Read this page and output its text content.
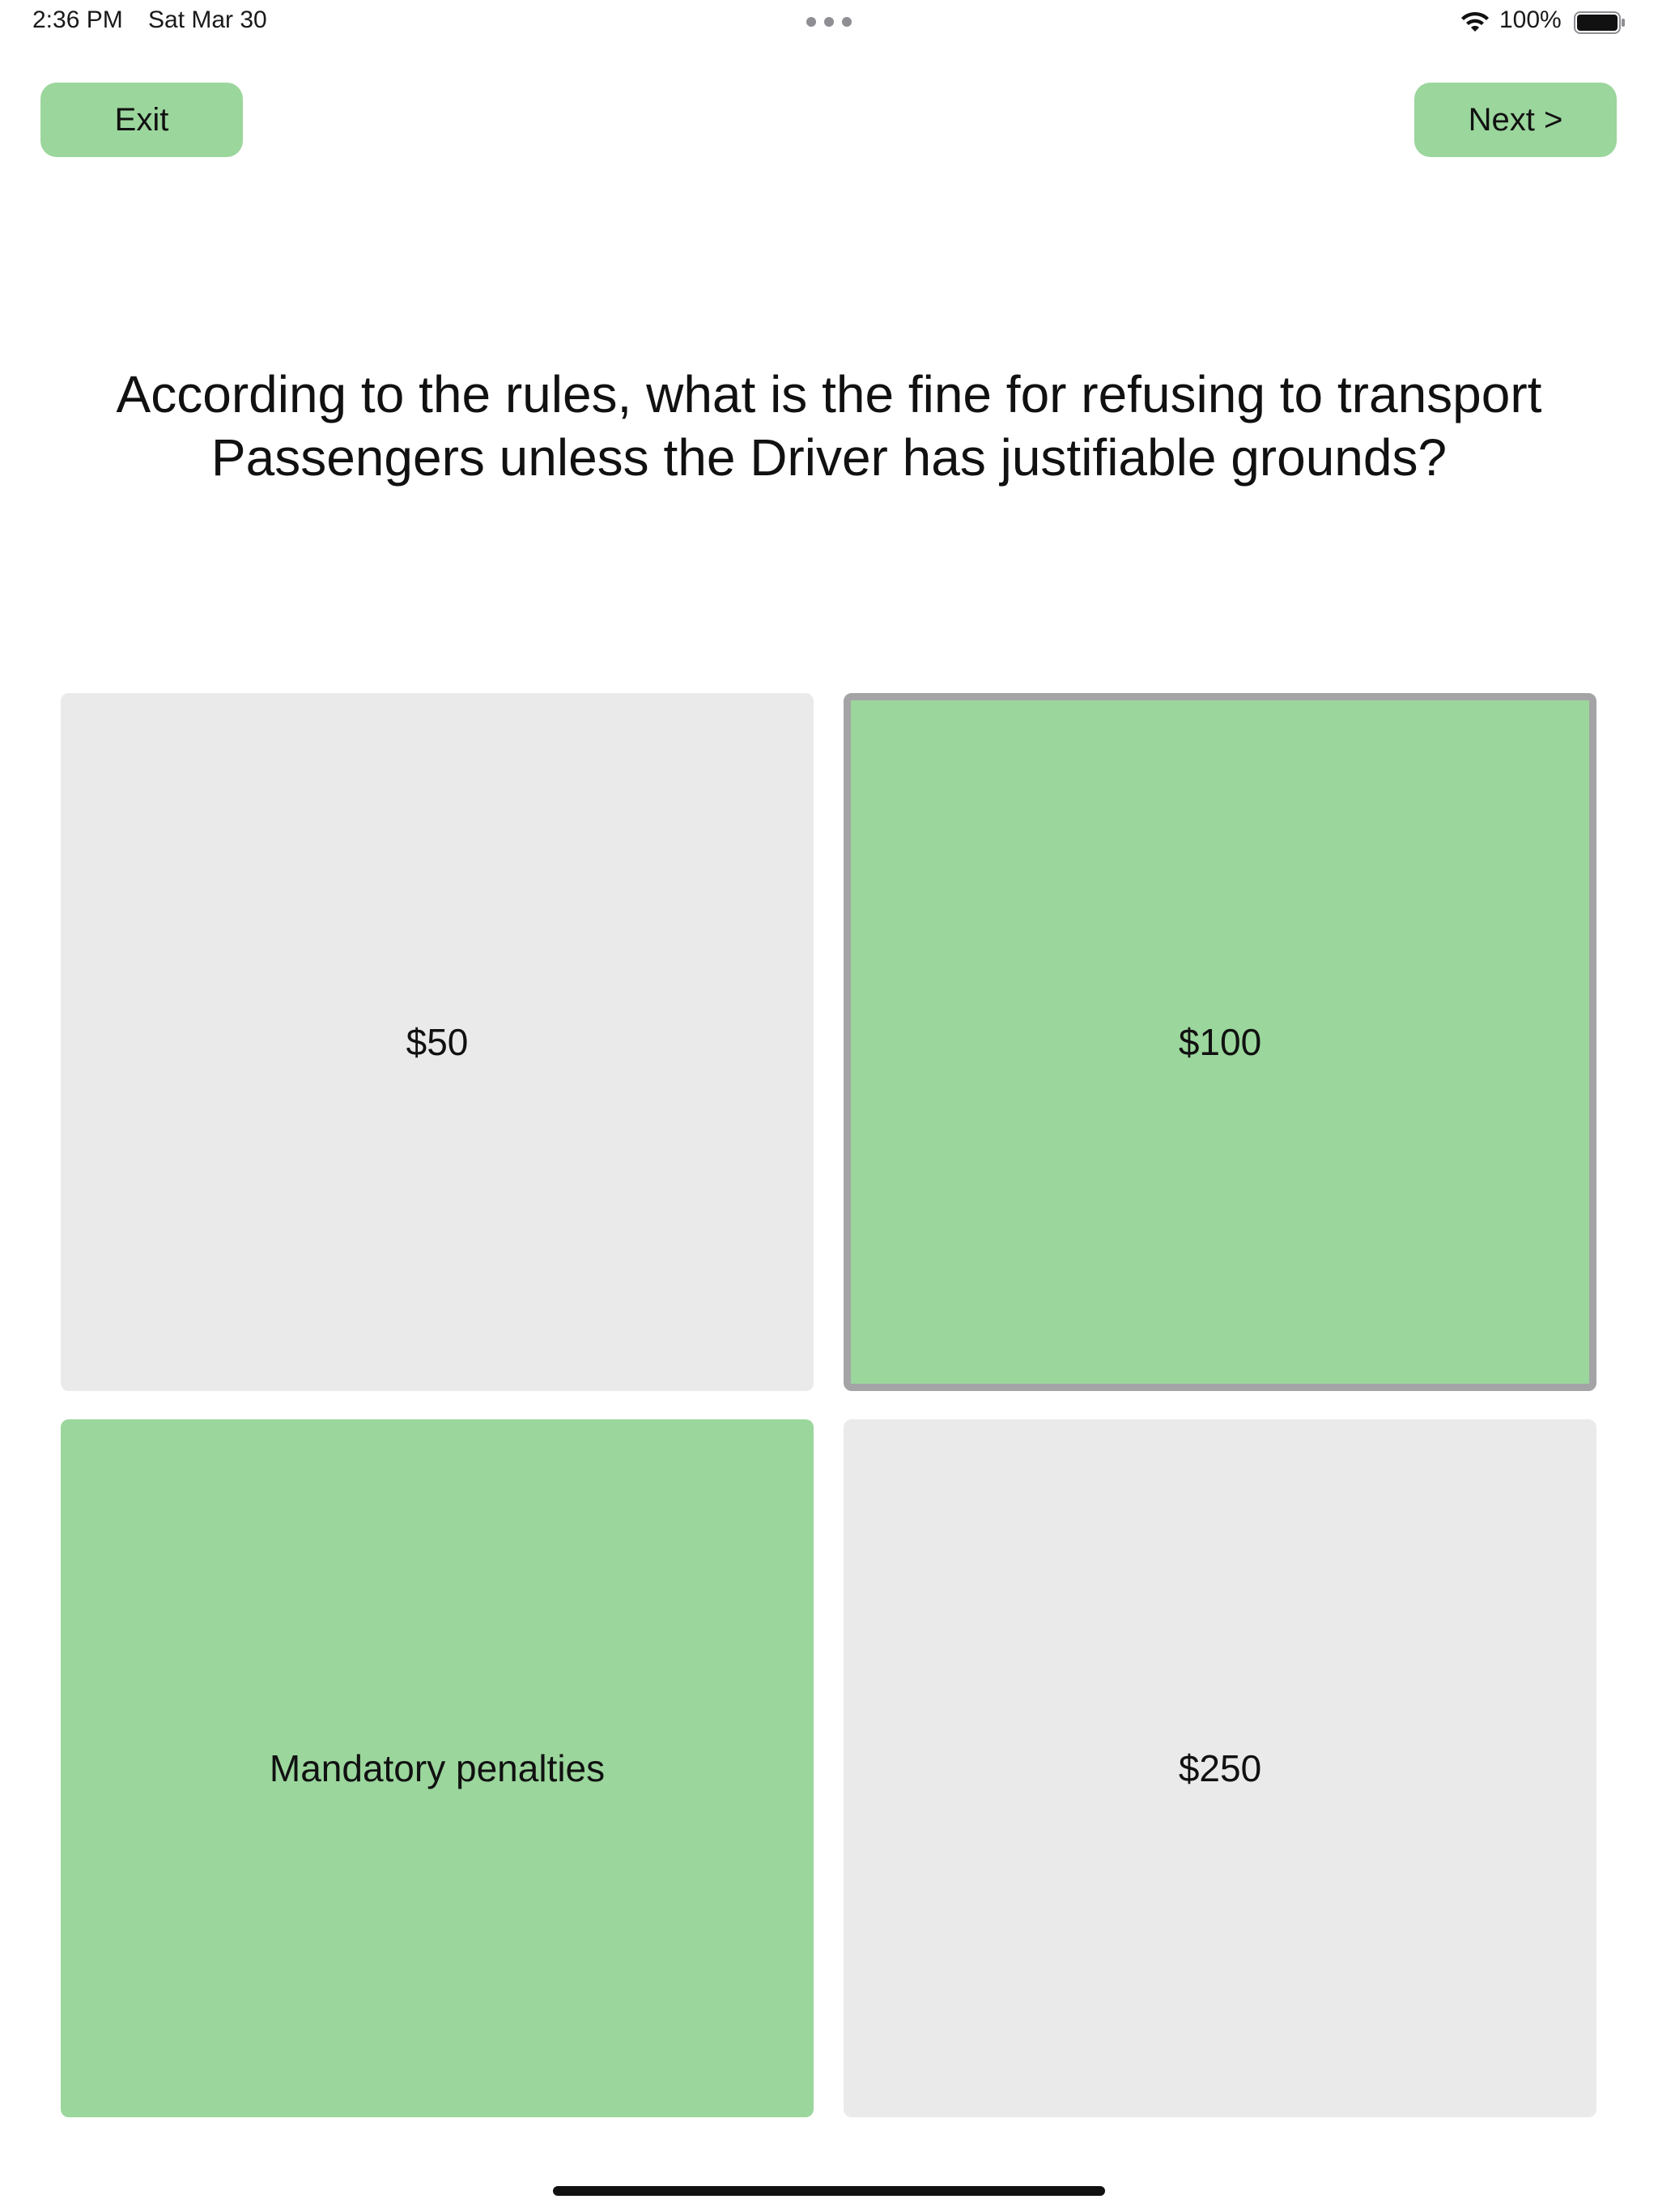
2:36 PM Sat Mar 30	100%
Exit	Next >
According to the rules, what is the fine for refusing to transport Passengers unless the Driver has justifiable grounds?
$50	$100
Mandatory penalties	$250
